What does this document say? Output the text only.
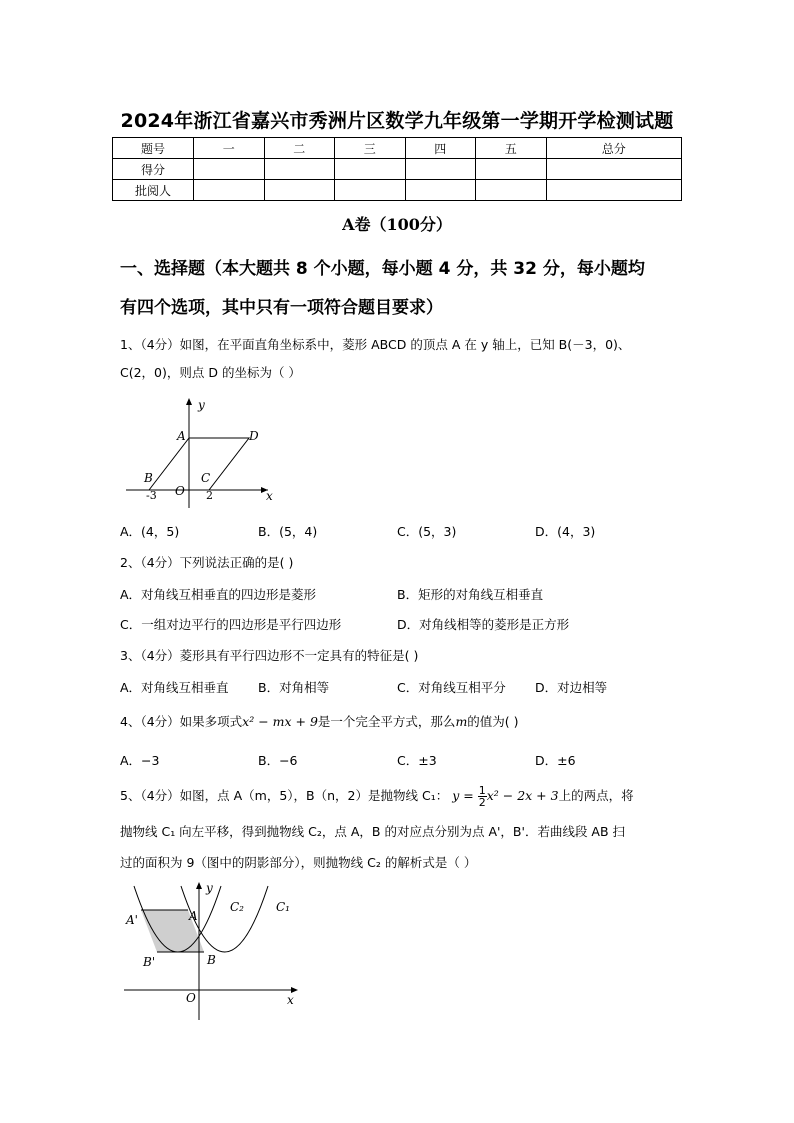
2024年浙江省嘉兴市秀洲片区数学九年级第一学期开学检测试题
题号	一	二	三	四	五	总分
得分						
批阅人						
A卷（100分）
一、选择题（本大题共 8 个小题，每小题 4 分，共 32 分，每小题均
有四个选项，其中只有一项符合题目要求）
1、（4分）如图，在平面直角坐标系中，菱形 ABCD 的顶点 A 在 y 轴上，已知 B(－3，0)、
C(2，0)，则点 D 的坐标为（ ）
y
x
A	D
B	C
O
-3	2
A．(4，5)	B．(5，4)	C．(5，3)	D．(4，3)
2、（4分）下列说法正确的是( )
A．对角线互相垂直的四边形是菱形	B．矩形的对角线互相垂直
C．一组对边平行的四边形是平行四边形	D．对角线相等的菱形是正方形
3、（4分）菱形具有平行四边形不一定具有的特征是( )
A．对角线互相垂直 B．对角相等	C．对角线互相平分 D．对边相等
4、（4分）如果多项式x² − mx + 9是一个完全平方式，那么m的值为( )
A．−3	B．−6	C．±3	D．±6
5、（4分）如图，点 A（m，5），B（n，2）是抛物线 C₁： $y = \frac{1}{2} x^2 - 2x + 3$上的两点，将
抛物线 C₁ 向左平移，得到抛物线 C₂，点 A，B 的对应点分别为点 A'，B'．若曲线段 AB 扫
过的面积为 9（图中的阴影部分），则抛物线 C₂ 的解析式是（ ）
y
x
O
A
A'
B
B'
C₂	C₁
